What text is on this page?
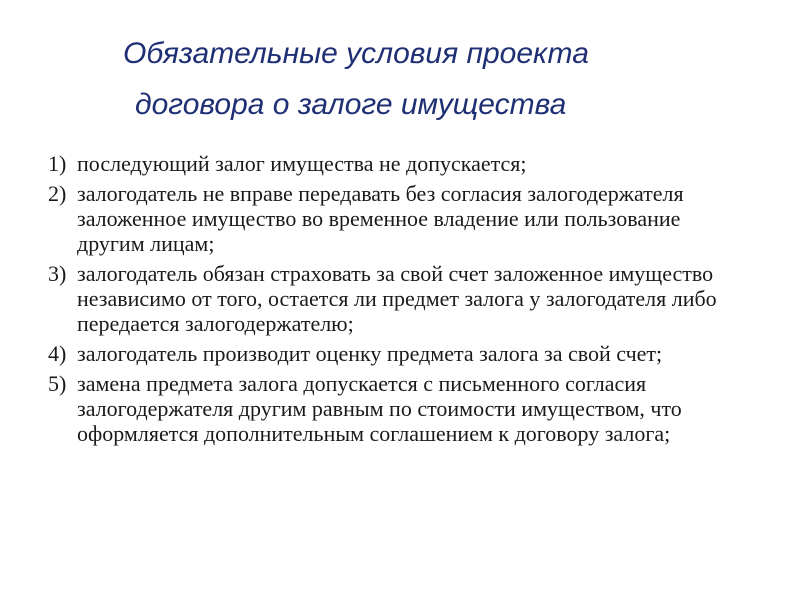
Обязательные условия проекта
договора о залоге имущества
1) последующий залог имущества не допускается;
2) залогодатель не вправе передавать без согласия залогодержателя заложенное имущество во временное владение или пользование другим лицам;
3) залогодатель обязан страховать за свой счет заложенное имущество независимо от того, остается ли предмет залога у залогодателя либо передается залогодержателю;
4) залогодатель производит оценку предмета залога за свой счет;
5) замена предмета залога допускается с письменного согласия залогодержателя другим равным по стоимости имуществом, что оформляется дополнительным соглашением к договору залога;
